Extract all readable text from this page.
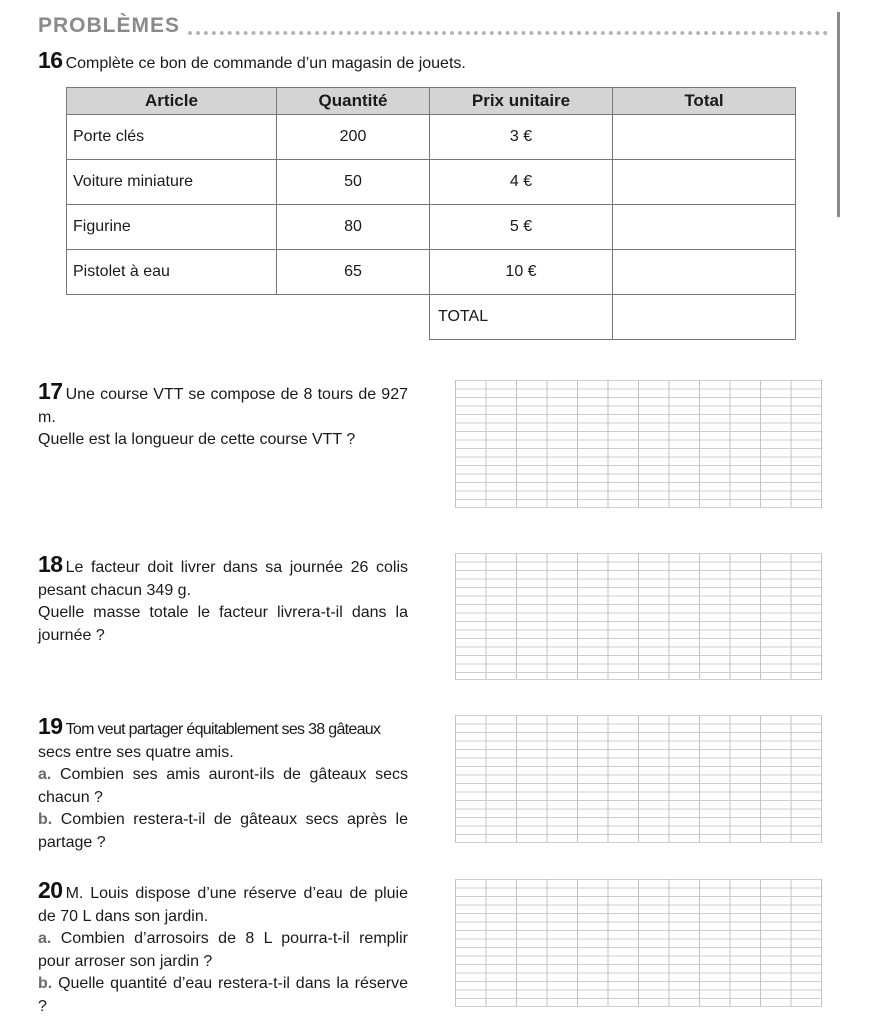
PROBLÈMES
16 Complète ce bon de commande d’un magasin de jouets.
Article	Quantité	Prix unitaire	Total
Porte clés	200	3 €	
Voiture miniature	50	4 €	
Figurine	80	5 €	
Pistolet à eau	65	10 €	
		TOTAL	
17 Une course VTT se compose de 8 tours de 927 m.
Quelle est la longueur de cette course VTT ?
18 Le facteur doit livrer dans sa journée 26 colis pesant chacun 349 g.
Quelle masse totale le facteur livrera-t-il dans la journée ?
19 Tom veut partager équitablement ses 38 gâteaux
secs entre ses quatre amis.
a. Combien ses amis auront-ils de gâteaux secs chacun ?
b. Combien restera-t-il de gâteaux secs après le partage ?
20 M. Louis dispose d’une réserve d’eau de pluie de 70 L dans son jardin.
a. Combien d’arrosoirs de 8 L pourra-t-il remplir pour arroser son jardin ?
b. Quelle quantité d’eau restera-t-il dans la réserve ?
